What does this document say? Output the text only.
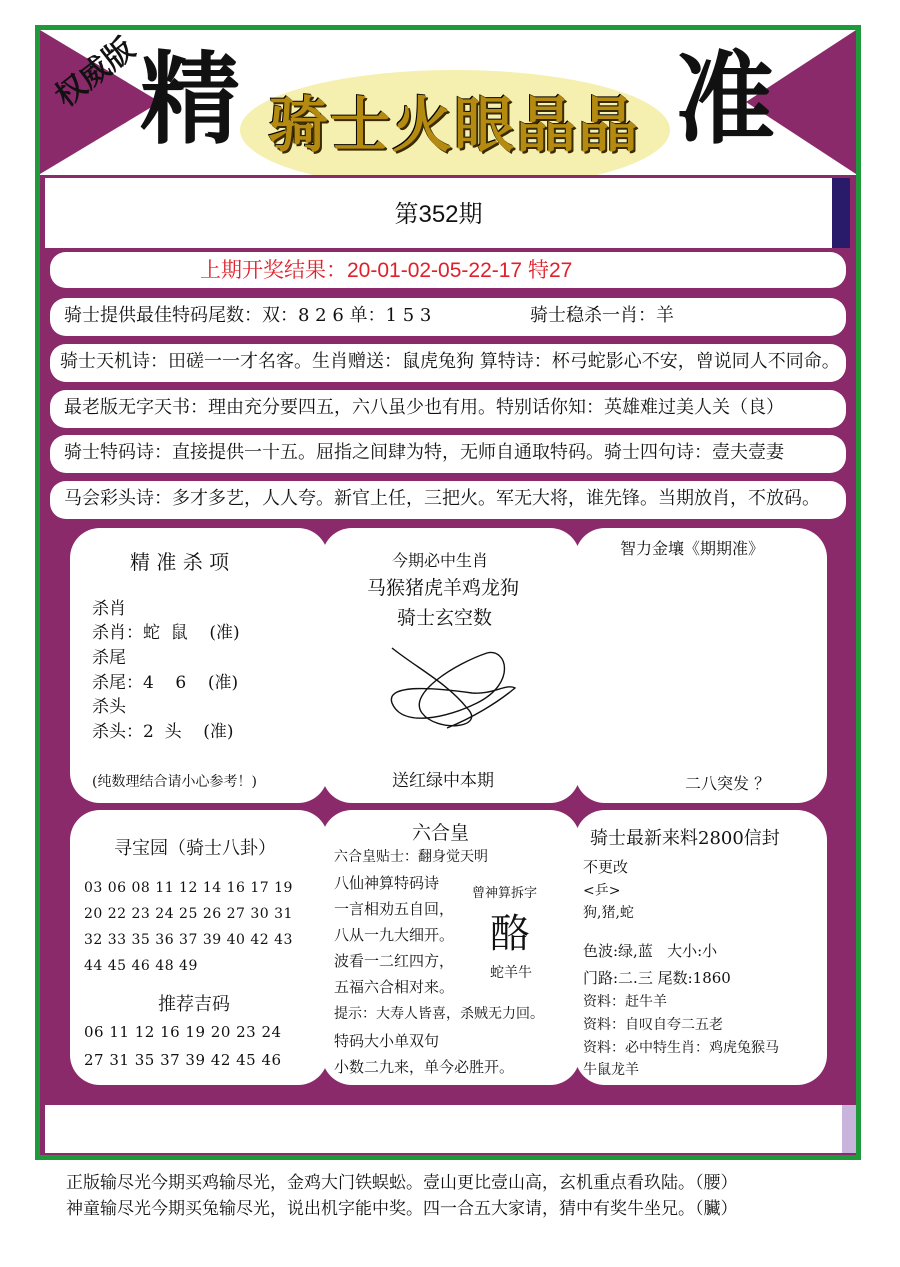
权威版
精 骑士火眼晶晶 准
第352期
上期开奖结果：20-01-02-05-22-17 特27
骑士提供最佳特码尾数：双：8 2 6 单：1 5 3	骑士稳杀一肖：羊
骑士天机诗：田磋一一才名客。生肖赠送：鼠虎兔狗 算特诗：杯弓蛇影心不安，曾说同人不同命。
最老版无字天书：理由充分要四五，六八虽少也有用。特别话你知：英雄难过美人关（良）
骑士特码诗：直接提供一十五。屈指之间肆为特，无师自通取特码。骑士四句诗：壹夫壹妻
马会彩头诗：多才多艺，人人夸。新官上任，三把火。军无大将，谁先锋。当期放肖，不放码。
精 准 杀 项
杀肖
杀肖：蛇  鼠    (准)
杀尾
杀尾：4    6    (准)
杀头
杀头：2  头    (准)
(纯数理结合请小心参考！)
今期必中生肖
马猴猪虎羊鸡龙狗
骑士玄空数
送红绿中本期
智力金壤《期期准》
二八突发 ？
寻宝园（骑士八卦）
03 06 08 11 12 14 16 17 19
20 22 23 24 25 26 27 30 31
32 33 35 36 37 39 40 42 43
44 45 46 48 49
推荐吉码
06 11 12 16 19 20 23 24
27 31 35 37 39 42 45 46
六合皇
六合皇贴士：翻身觉天明
八仙神算特码诗
一言相劝五自回，
八从一九大细开。
波看一二红四方，
五福六合相对来。
提示：大寿人皆喜，杀贼无力回。
特码大小单双句
小数二九来，单今必胜开。
曾神算拆字
酪
蛇羊牛
骑士最新来料2800信封
不更改
<乒>
狗,猪,蛇
色波:绿,蓝   大小:小
门路:二.三 尾数:1860
资料：赶牛羊
资料：自叹自夸二五老
资料：必中特生肖：鸡虎兔猴马
牛鼠龙羊
正版输尽光今期买鸡输尽光，金鸡大门铁蜈蚣。壹山更比壹山高，玄机重点看玖陆。（腰）
神童输尽光今期买兔输尽光，说出机字能中奖。四一合五大家请，猜中有奖牛坐兄。（臟）
